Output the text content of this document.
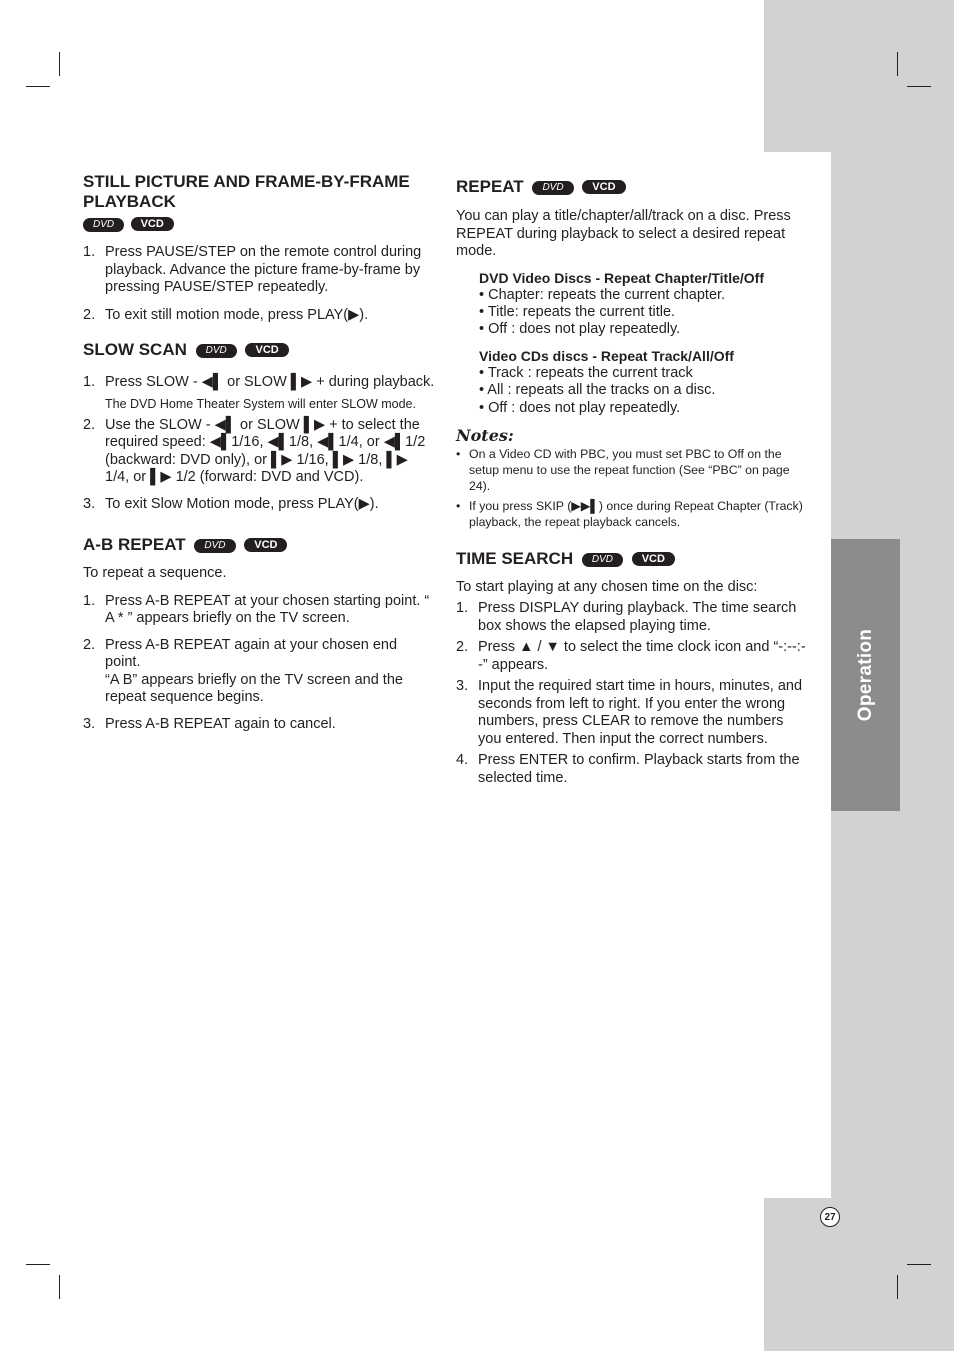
Operation
27
STILL PICTURE AND FRAME-BY-FRAME PLAYBACK
DVD VCD
1. Press PAUSE/STEP on the remote control during playback. Advance the picture frame-by-frame by pressing PAUSE/STEP repeatedly.
2. To exit still motion mode, press PLAY(▶).
SLOW SCAN DVD	VCD
1. Press SLOW - ◀▌ or SLOW ▌▶ + during playback.
The DVD Home Theater System will enter SLOW mode.
2. Use the SLOW - ◀▌ or SLOW ▌▶ + to select the required speed: ◀▌1/16, ◀▌1/8, ◀▌1/4, or ◀▌1/2 (backward: DVD only), or ▌▶ 1/16, ▌▶ 1/8, ▌▶ 1/4, or ▌▶ 1/2 (forward: DVD and VCD).
3. To exit Slow Motion mode, press PLAY(▶).
A-B REPEAT DVD	VCD

To repeat a sequence.

1. Press A-B REPEAT at your chosen starting point. “ A * ” appears briefly on the TV screen.
2. Press A-B REPEAT again at your chosen end point.
“A B” appears briefly on the TV screen and the repeat sequence begins.
3. Press A-B REPEAT again to cancel.
REPEAT DVD	VCD

You can play a title/chapter/all/track on a disc. Press REPEAT during playback to select a desired repeat mode.

DVD Video Discs - Repeat Chapter/Title/Off
• Chapter: repeats the current chapter.
• Title: repeats the current title.
• Off : does not play repeatedly.
Video CDs discs - Repeat Track/All/Off
• Track : repeats the current track
• All : repeats all the tracks on a disc.
• Off : does not play repeatedly.
Notes:
• On a Video CD with PBC, you must set PBC to Off on the setup menu to use the repeat function (See “PBC” on page 24).
• If you press SKIP (▶▶▌) once during Repeat Chapter (Track) playback, the repeat playback cancels.
TIME SEARCH DVD	VCD

To start playing at any chosen time on the disc:

1. Press DISPLAY during playback. The time search box shows the elapsed playing time.
2. Press ▲ / ▼ to select the time clock icon and “-:--:--” appears.
3. Input the required start time in hours, minutes, and seconds from left to right. If you enter the wrong numbers, press CLEAR to remove the numbers you entered. Then input the correct numbers.
4. Press ENTER to confirm. Playback starts from the selected time.
